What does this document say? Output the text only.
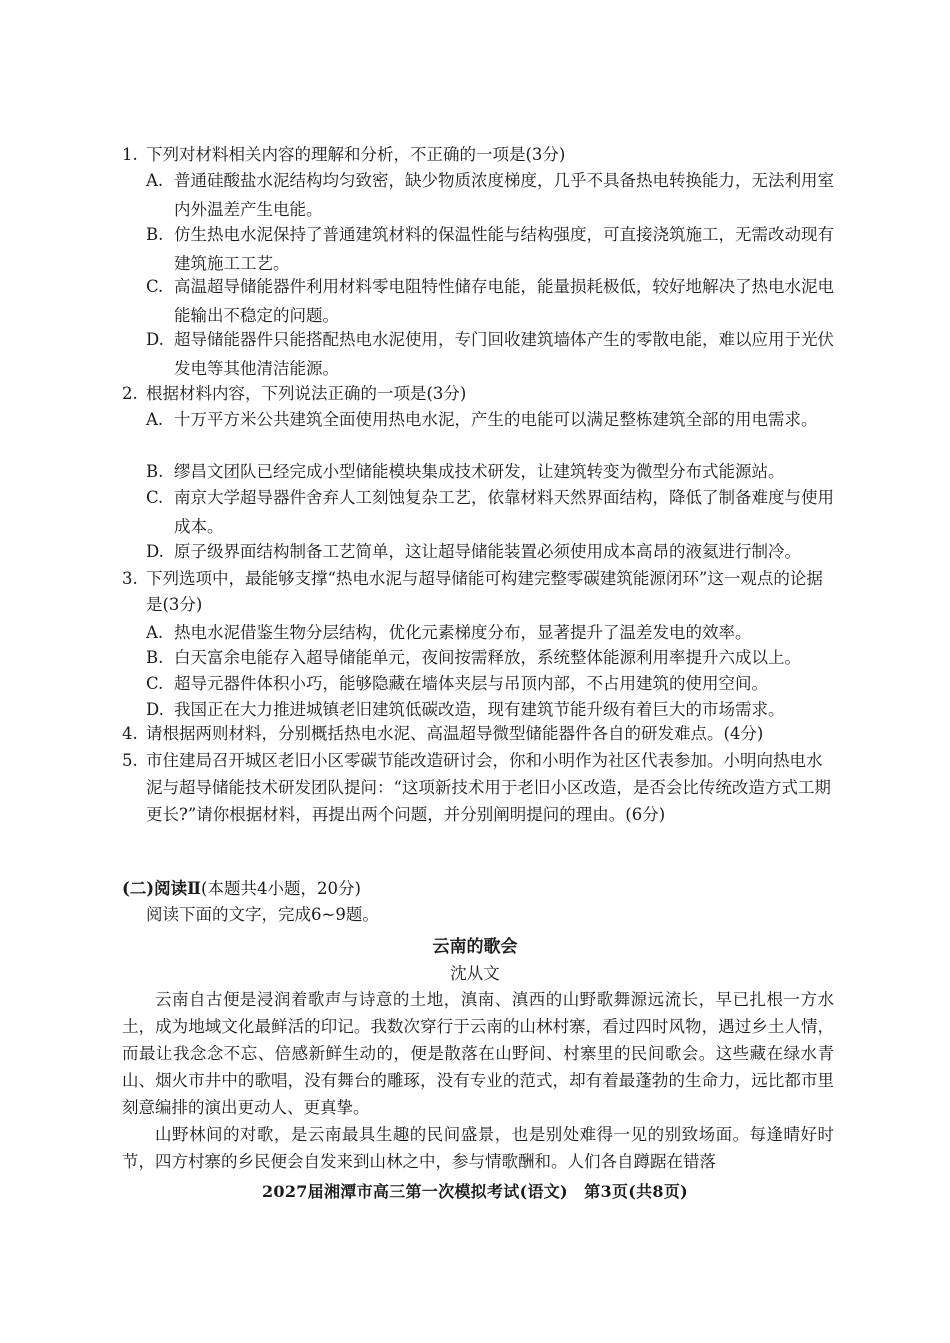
1. 下列对材料相关内容的理解和分析，不正确的一项是(3分)
A. 普通硅酸盐水泥结构均匀致密，缺少物质浓度梯度，几乎不具备热电转换能力，无法利用室内外温差产生电能。
B. 仿生热电水泥保持了普通建筑材料的保温性能与结构强度，可直接浇筑施工，无需改动现有建筑施工工艺。
C. 高温超导储能器件利用材料零电阻特性储存电能，能量损耗极低，较好地解决了热电水泥电能输出不稳定的问题。
D. 超导储能器件只能搭配热电水泥使用，专门回收建筑墙体产生的零散电能，难以应用于光伏发电等其他清洁能源。
2. 根据材料内容，下列说法正确的一项是(3分)
A. 十万平方米公共建筑全面使用热电水泥，产生的电能可以满足整栋建筑全部的用电需求。
B. 缪昌文团队已经完成小型储能模块集成技术研发，让建筑转变为微型分布式能源站。
C. 南京大学超导器件舍弃人工刻蚀复杂工艺，依靠材料天然界面结构，降低了制备难度与使用成本。
D. 原子级界面结构制备工艺简单，这让超导储能装置必须使用成本高昂的液氦进行制冷。
3. 下列选项中，最能够支撑“热电水泥与超导储能可构建完整零碳建筑能源闭环”这一观点的论据是(3分)
A. 热电水泥借鉴生物分层结构，优化元素梯度分布，显著提升了温差发电的效率。
B. 白天富余电能存入超导储能单元，夜间按需释放，系统整体能源利用率提升六成以上。
C. 超导元器件体积小巧，能够隐藏在墙体夹层与吊顶内部，不占用建筑的使用空间。
D. 我国正在大力推进城镇老旧建筑低碳改造，现有建筑节能升级有着巨大的市场需求。
4. 请根据两则材料，分别概括热电水泥、高温超导微型储能器件各自的研发难点。(4分)
5. 市住建局召开城区老旧小区零碳节能改造研讨会，你和小明作为社区代表参加。小明向热电水泥与超导储能技术研发团队提问：“这项新技术用于老旧小区改造，是否会比传统改造方式工期更长?”请你根据材料，再提出两个问题，并分别阐明提问的理由。(6分)
(二)阅读Ⅱ(本题共4小题，20分)
阅读下面的文字，完成6~9题。
云南的歌会
沈从文

云南自古便是浸润着歌声与诗意的土地，滇南、滇西的山野歌舞源远流长，早已扎根一方水土，成为地域文化最鲜活的印记。我数次穿行于云南的山林村寨，看过四时风物，遇过乡土人情，而最让我念念不忘、倍感新鲜生动的，便是散落在山野间、村寨里的民间歌会。这些藏在绿水青山、烟火市井中的歌唱，没有舞台的雕琢，没有专业的范式，却有着最蓬勃的生命力，远比都市里刻意编排的演出更动人、更真挚。

山野林间的对歌，是云南最具生趣的民间盛景，也是别处难得一见的别致场面。每逢晴好时节，四方村寨的乡民便会自发来到山林之中，参与情歌酬和。人们各自蹲踞在错落

2027届湘潭市高三第一次模拟考试(语文)　第3页(共8页)
